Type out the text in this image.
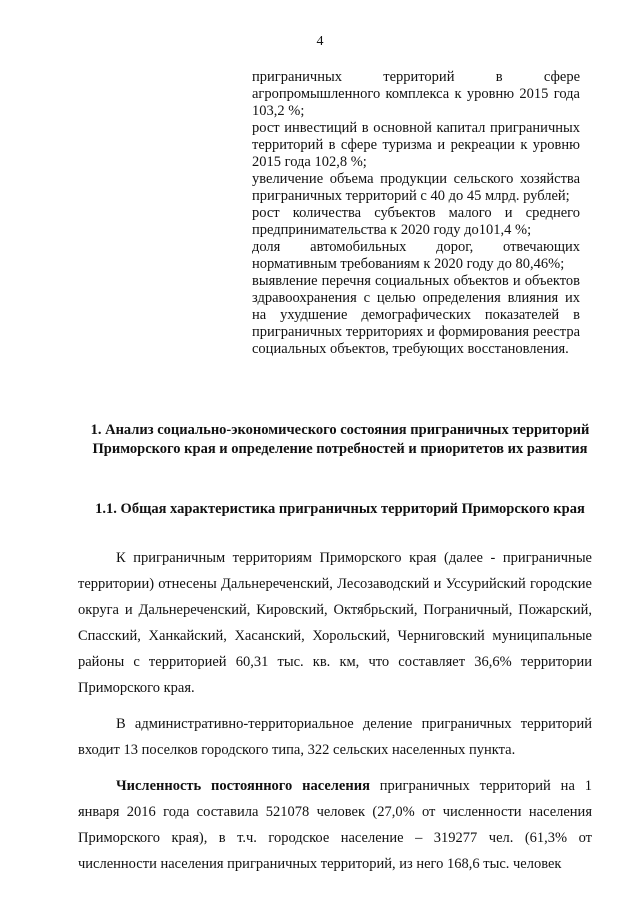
4

приграничных территорий в сфере агропромышленного комплекса к уровню 2015 года 103,2 %;

рост инвестиций в основной капитал приграничных территорий в сфере туризма и рекреации к уровню 2015 года 102,8 %;

увеличение объема продукции сельского хозяйства приграничных территорий с 40 до 45 млрд. рублей;

рост количества субъектов малого и среднего предпринимательства к 2020 году до101,4 %;

доля автомобильных дорог, отвечающих нормативным требованиям к 2020 году до 80,46%;

выявление перечня социальных объектов и объектов здравоохранения с целью определения влияния их на ухудшение демографических показателей в приграничных территориях и формирования реестра социальных объектов, требующих восстановления.

1. Анализ социально-экономического состояния приграничных территорий Приморского края и определение потребностей и приоритетов их развития
1.1. Общая характеристика приграничных территорий Приморского края

К приграничным территориям Приморского края (далее - приграничные территории) отнесены Дальнереченский, Лесозаводский и Уссурийский городские округа и Дальнереченский, Кировский, Октябрьский, Пограничный, Пожарский, Спасский, Ханкайский, Хасанский, Хорольский, Черниговский муниципальные районы с территорией 60,31 тыс. кв. км, что составляет 36,6% территории Приморского края.

В административно-территориальное деление приграничных территорий входит 13 поселков городского типа, 322 сельских населенных пункта.

Численность постоянного населения приграничных территорий на 1 января 2016 года составила 521078 человек (27,0% от численности населения Приморского края), в т.ч. городское население – 319277 чел. (61,3% от численности населения приграничных территорий, из него 168,6 тыс. человек
